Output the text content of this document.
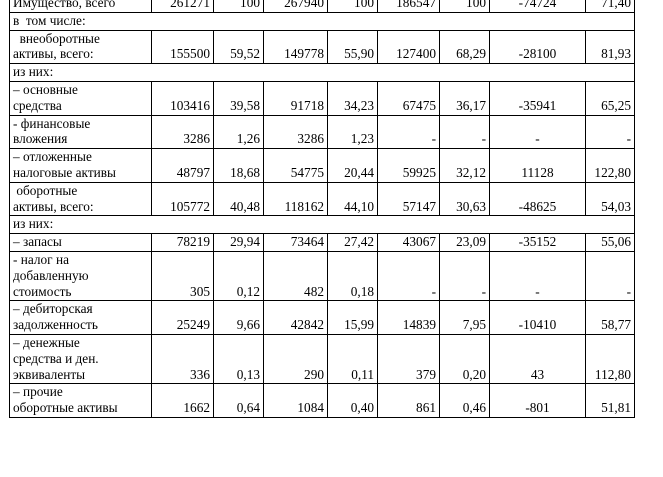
Имущество, всего	261271	100	267940	100	186547	100	-74724	71,40

в  том числе:								

внеоборотные
активы, всего:	155500	59,52	149778	55,90	127400	68,29	-28100	81,93

из них:								

– основные
средства	103416	39,58	91718	34,23	67475	36,17	-35941	65,25

- финансовые
вложения	3286	1,26	3286	1,23	-	-	-	-

– отложенные
налоговые активы	48797	18,68	54775	20,44	59925	32,12	11128	122,80

оборотные
активы, всего:	105772	40,48	118162	44,10	57147	30,63	-48625	54,03

из них:								

– запасы	78219	29,94	73464	27,42	43067	23,09	-35152	55,06

- налог на
добавленную
стоимость	305	0,12	482	0,18	-	-	-	-

– дебиторская
задолженность	25249	9,66	42842	15,99	14839	7,95	-10410	58,77

– денежные
средства и ден.
эквиваленты	336	0,13	290	0,11	379	0,20	43	112,80

– прочие
оборотные активы	1662	0,64	1084	0,40	861	0,46	-801	51,81
